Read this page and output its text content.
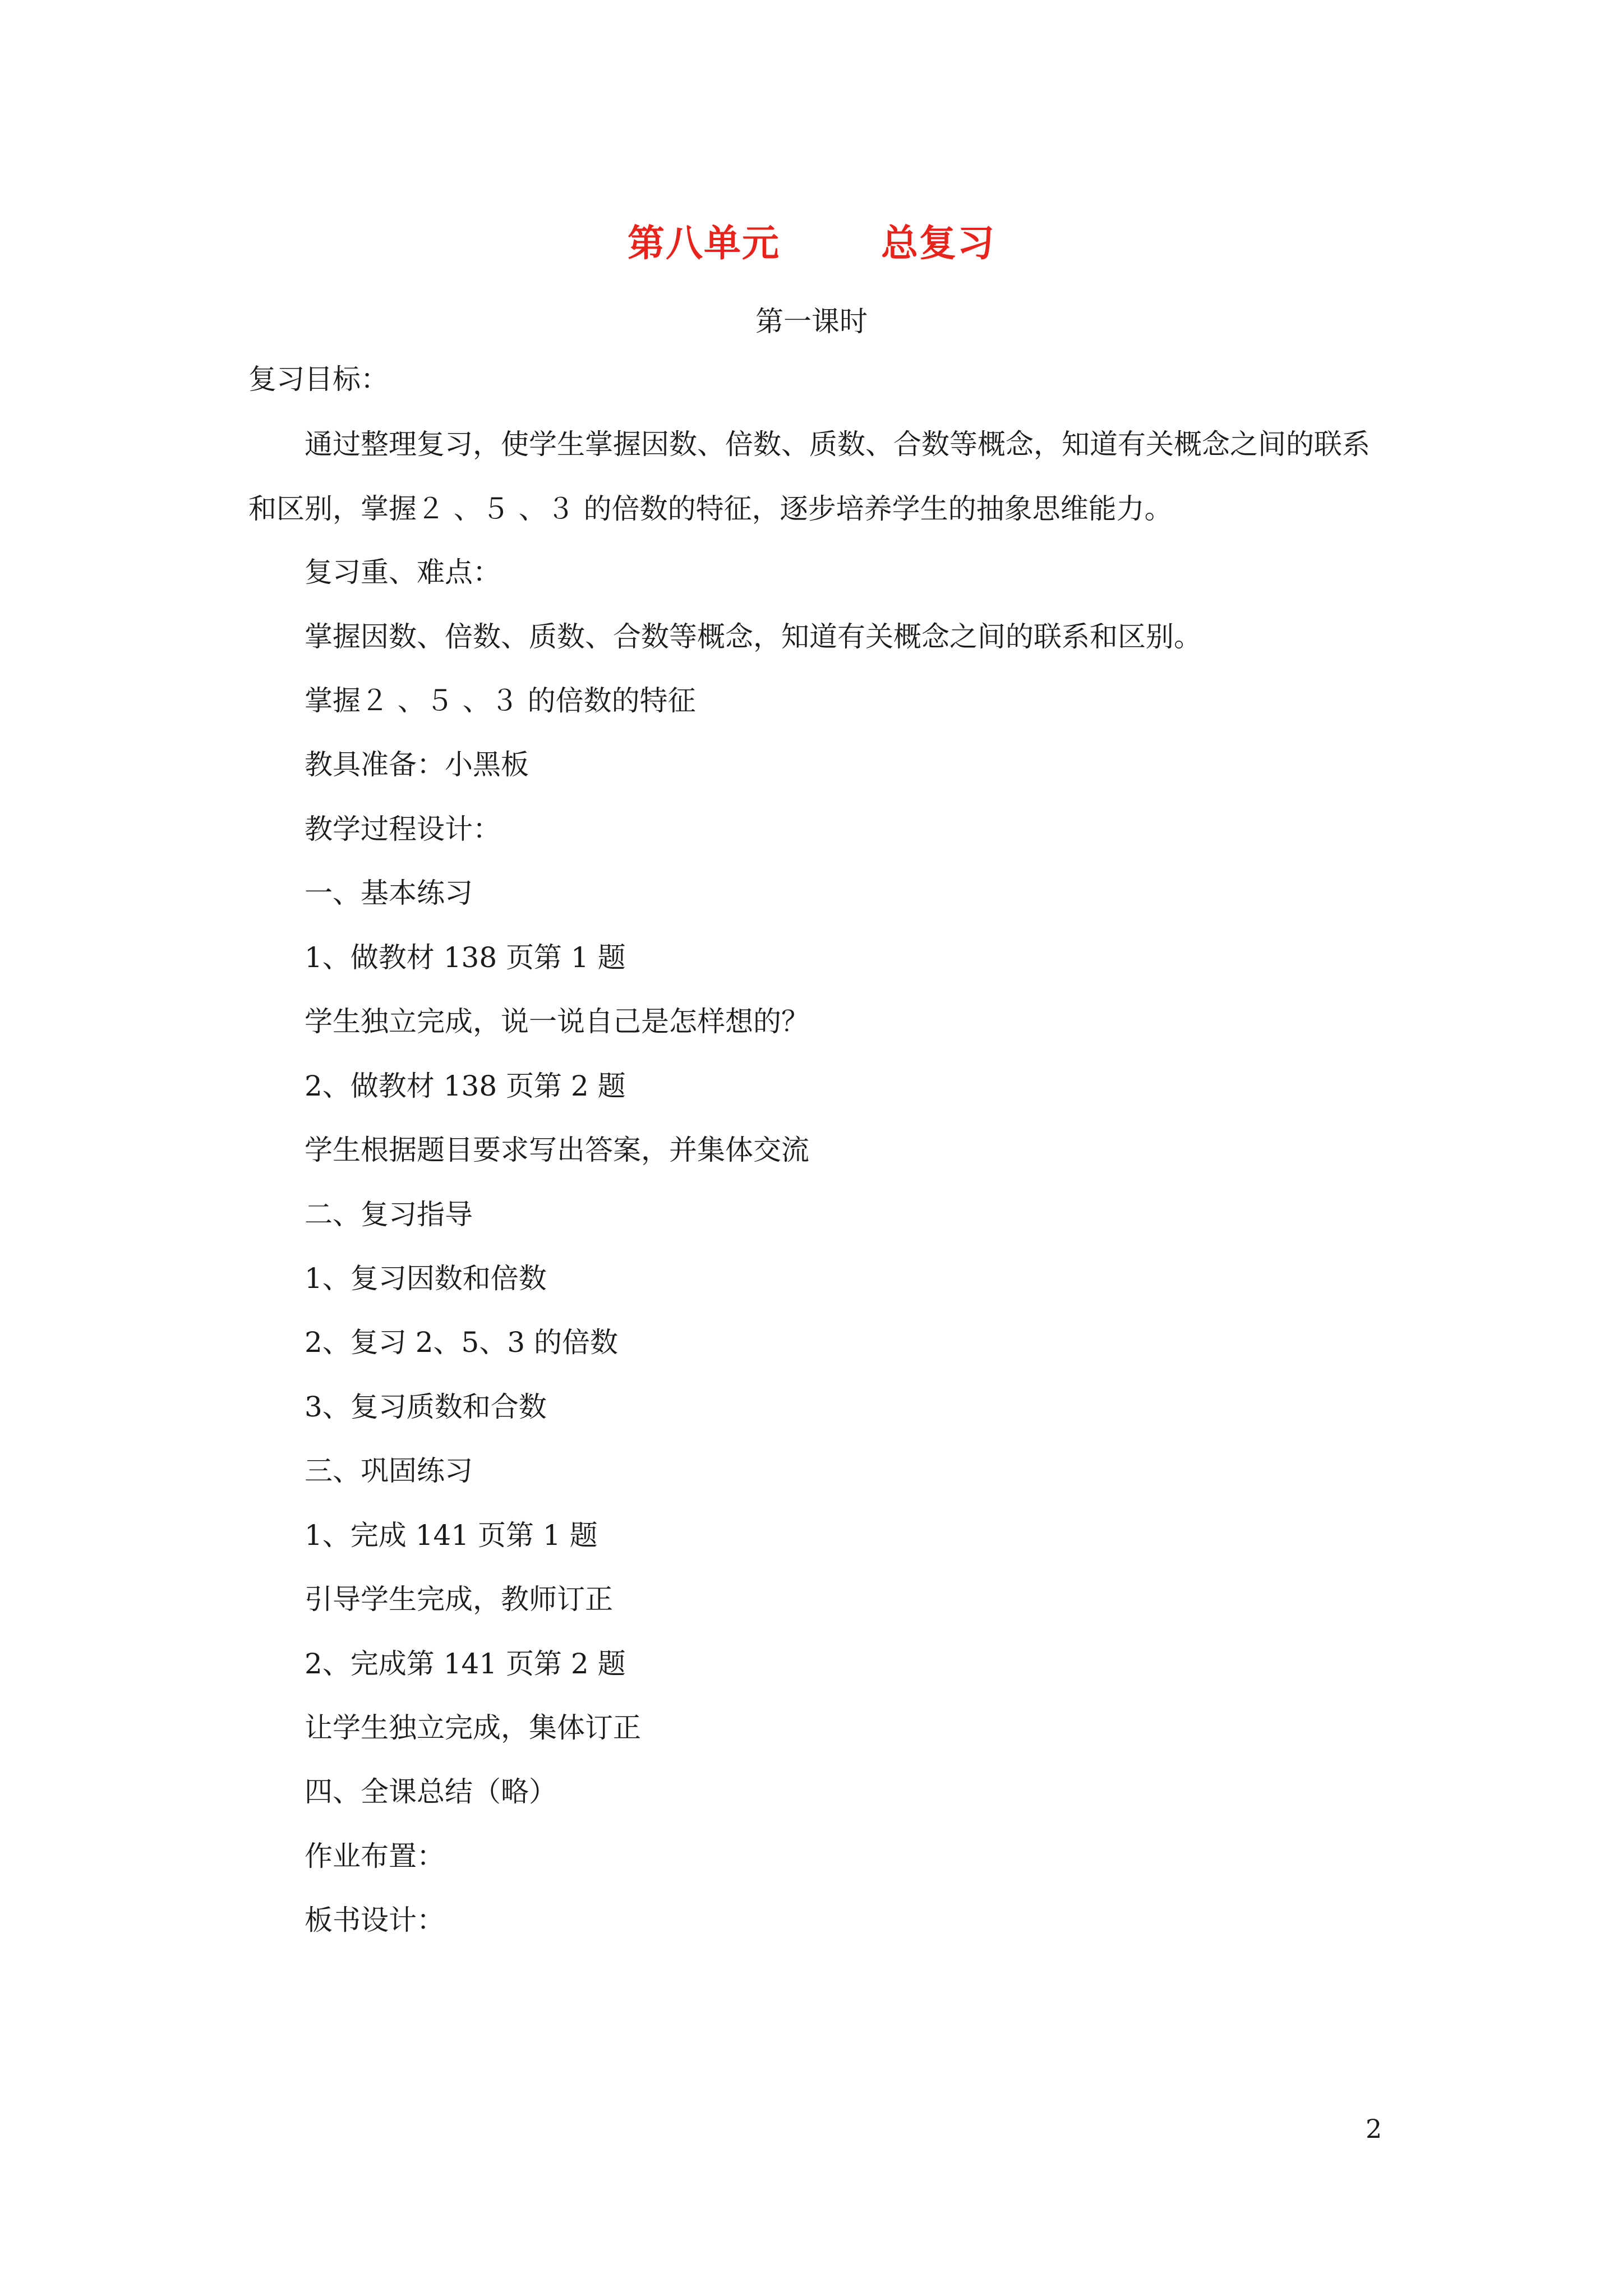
第八单元	总复习
第一课时
复习目标：
通过整理复习，使学生掌握因数、倍数、质数、合数等概念，知道有关概念之间的联系
和区别，掌握２ 、５ 、３ 的倍数的特征，逐步培养学生的抽象思维能力。
复习重、难点：
掌握因数、倍数、质数、合数等概念，知道有关概念之间的联系和区别。
掌握２ 、５ 、３ 的倍数的特征
教具准备：小黑板
教学过程设计：
一、基本练习
1、做教材 138 页第 1 题
学生独立完成，说一说自己是怎样想的？
2、做教材 138 页第 2 题
学生根据题目要求写出答案，并集体交流
二、复习指导
1、复习因数和倍数
2、复习 2、5、3 的倍数
3、复习质数和合数
三、巩固练习
1、完成 141 页第 1 题
引导学生完成，教师订正
2、完成第 141 页第 2 题
让学生独立完成，集体订正
四、全课总结（略）
作业布置：
板书设计：
2
